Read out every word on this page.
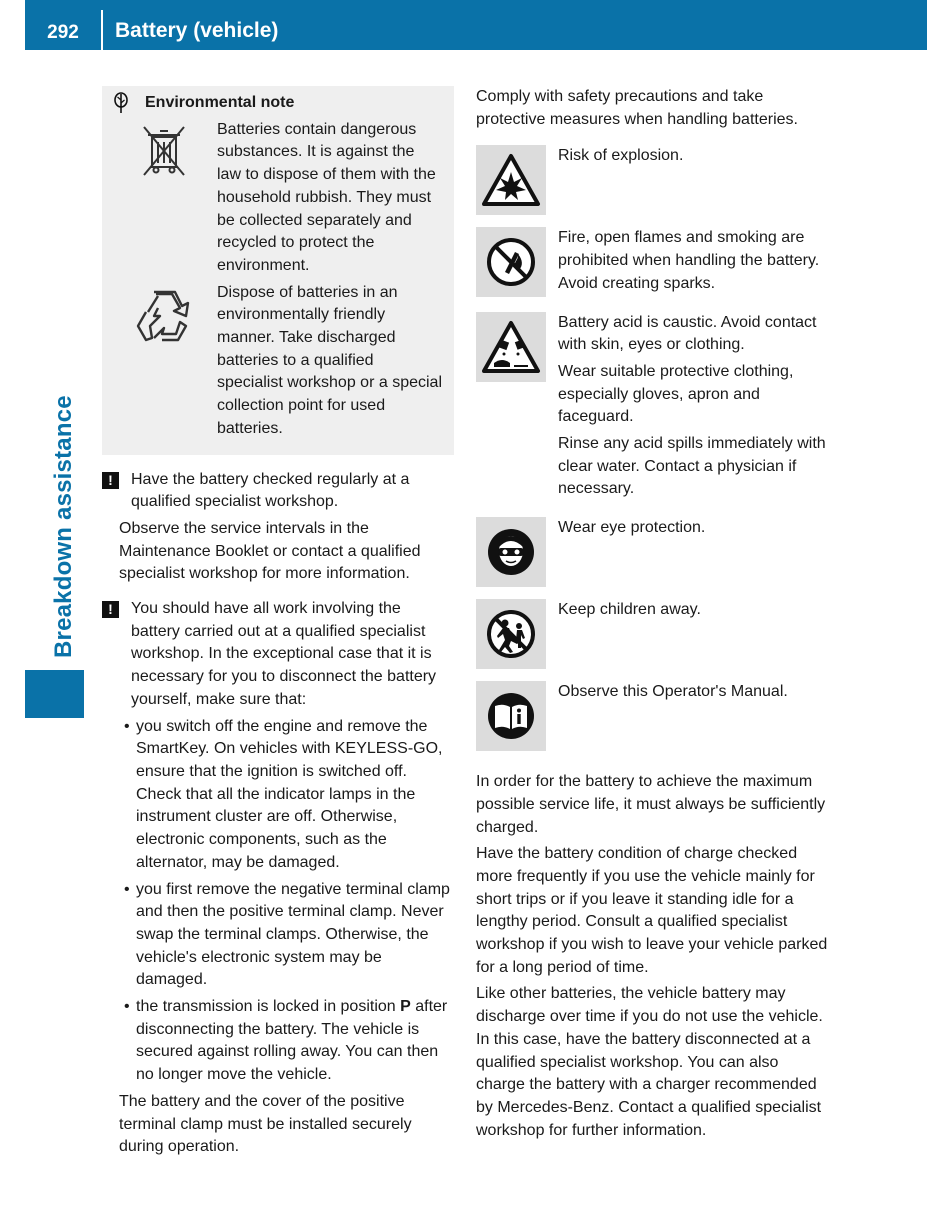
292	Battery (vehicle)
Breakdown assistance
Environmental note
Batteries contain dangerous substances. It is against the law to dispose of them with the household rubbish. They must be collected separately and recycled to protect the environment.
Dispose of batteries in an environmentally friendly manner. Take discharged batteries to a qualified specialist workshop or a special collection point for used batteries.
!	Have the battery checked regularly at a qualified specialist workshop.

Observe the service intervals in the Maintenance Booklet or contact a qualified specialist workshop for more information.

!	You should have all work involving the battery carried out at a qualified specialist workshop. In the exceptional case that it is necessary for you to disconnect the battery yourself, make sure that:

• you switch off the engine and remove the SmartKey. On vehicles with KEYLESS-GO, ensure that the ignition is switched off. Check that all the indicator lamps in the instrument cluster are off. Otherwise, electronic components, such as the alternator, may be damaged.
• you first remove the negative terminal clamp and then the positive terminal clamp. Never swap the terminal clamps. Otherwise, the vehicle's electronic system may be damaged.
• the transmission is locked in position P after disconnecting the battery. The vehicle is secured against rolling away. You can then no longer move the vehicle.

The battery and the cover of the positive terminal clamp must be installed securely during operation.

Comply with safety precautions and take protective measures when handling batteries.

Risk of explosion.

Fire, open flames and smoking are prohibited when handling the battery. Avoid creating sparks.

Battery acid is caustic. Avoid contact with skin, eyes or clothing.

Wear suitable protective clothing, especially gloves, apron and faceguard.

Rinse any acid spills immediately with clear water. Contact a physician if necessary.

Wear eye protection.

Keep children away.

Observe this Operator's Manual.

In order for the battery to achieve the maximum possible service life, it must always be sufficiently charged.

Have the battery condition of charge checked more frequently if you use the vehicle mainly for short trips or if you leave it standing idle for a lengthy period. Consult a qualified specialist workshop if you wish to leave your vehicle parked for a long period of time.

Like other batteries, the vehicle battery may discharge over time if you do not use the vehicle. In this case, have the battery disconnected at a qualified specialist workshop. You can also charge the battery with a charger recommended by Mercedes-Benz. Contact a qualified specialist workshop for further information.
